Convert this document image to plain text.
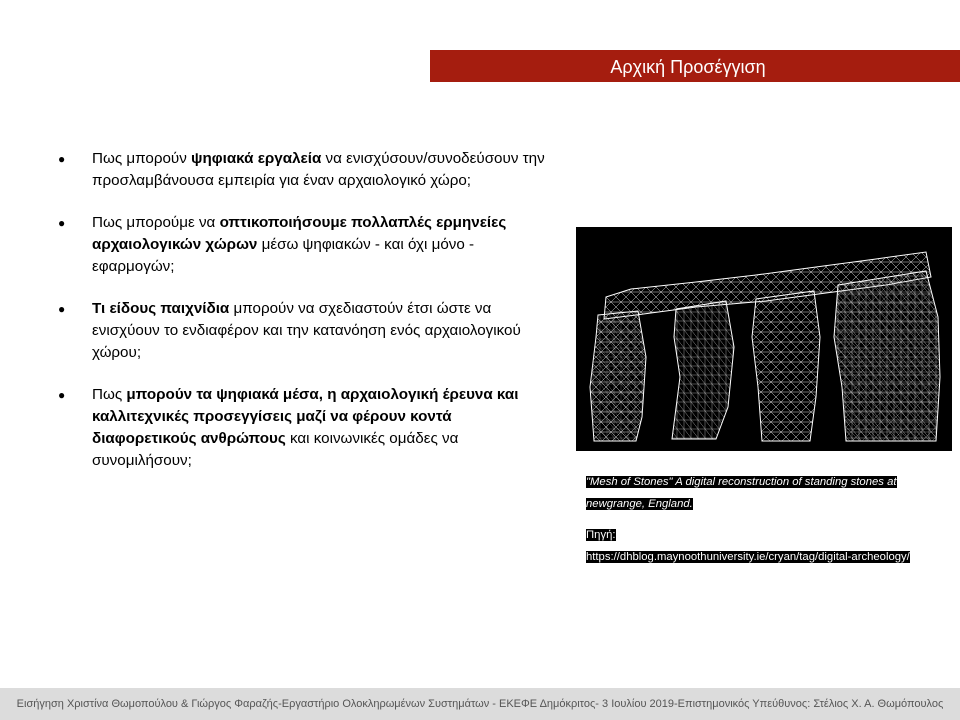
Αρχική Προσέγγιση
● Πως μπορούν ψηφιακά εργαλεία να ενισχύσουν/συνοδεύσουν την προσλαμβάνουσα εμπειρία για έναν αρχαιολογικό χώρο;
● Πως μπορούμε να οπτικοποιήσουμε πολλαπλές ερμηνείες αρχαιολογικών χώρων μέσω ψηφιακών - και όχι μόνο - εφαρμογών;
● Τι είδους παιχνίδια μπορούν να σχεδιαστούν έτσι ώστε να ενισχύουν το ενδιαφέρον και την κατανόηση ενός αρχαιολογικού χώρου;
● Πως μπορούν τα ψηφιακά μέσα, η αρχαιολογική έρευνα και καλλιτεχνικές προσεγγίσεις μαζί να φέρουν κοντά διαφορετικούς ανθρώπους και κοινωνικές ομάδες να συνομιλήσουν;

"Mesh of Stones" A digital reconstruction of standing stones at newgrange, England.

Πηγή:

https://dhblog.maynoothuniversity.ie/cryan/tag/digital-archeology/

Εισήγηση Χριστίνα Θωμοπούλου & Γιώργος Φαραζής-Εργαστήριο Ολοκληρωμένων Συστημάτων - ΕΚΕΦΕ Δημόκριτος- 3 Ιουλίου 2019-Επιστημονικός Υπεύθυνος: Στέλιος Χ. Α. Θωμόπουλος
